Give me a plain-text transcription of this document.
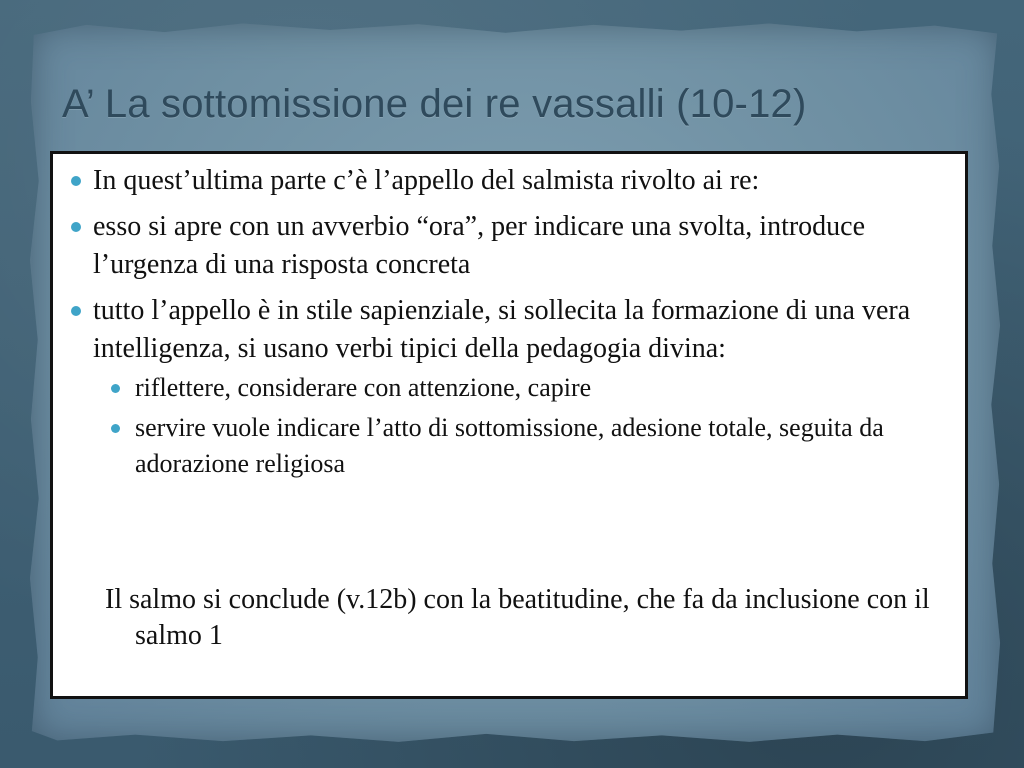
A’ La sottomissione dei re vassalli (10-12)
In quest’ultima parte c’è l’appello del salmista rivolto ai re:
esso si apre con un avverbio “ora”, per indicare una svolta, introduce l’urgenza di una risposta concreta
tutto l’appello è in stile sapienziale, si sollecita la formazione di una vera intelligenza, si usano verbi tipici della pedagogia divina:
riflettere, considerare con attenzione, capire
servire vuole indicare l’atto di sottomissione, adesione totale, seguita da adorazione religiosa

Il salmo si conclude (v.12b) con la beatitudine, che fa da inclusione con il salmo 1
